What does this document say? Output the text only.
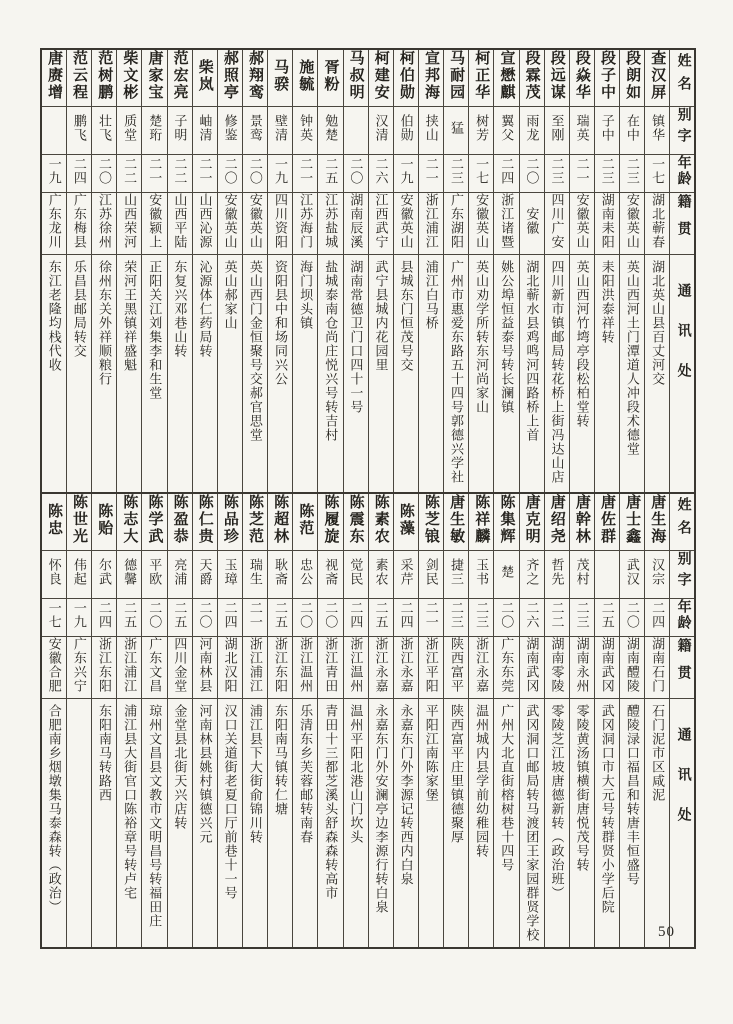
姓名	查汉屏	段朗如	段子中	段焱华	段远谋	段霖茂	宣懋麒	柯正华	马耐园	宣邦海	柯伯勋	柯建安	马叔明	胥粉	施毓	马骙	郝翔鸾	郝照亭	柴岚	范宏亮	唐家宝	柴文彬	范树鹏	范云程	唐赓增
别字	镇华	在中	子中	瑞英	至刚	雨龙	翼父	树芳	猛	挟山	伯勋	汉清		勉楚	钟英	壁清	景鸾	修鉴	岫清	子明	楚珩	质堂	壮飞	鹏飞	
年龄	一七	二三	二三	二一	二三	二〇	二四	一七	二三	二一	一九	二六	二〇	二五	二一	一九	二〇	二〇	二一	二二	二一	二二	二〇	二四	一九
籍贯	湖北蕲春	安徽英山	湖南耒阳	安徽英山	四川广安	安徽	浙江诸暨	安徽英山	广东湖阳	浙江浦江	安徽英山	江西武宁	湖南辰溪	江苏盐城	江苏海门	四川资阳	安徽英山	安徽英山	山西沁源	山西平陆	安徽颍上	山西荣河	江苏徐州	广东梅县	广东龙川
通讯处	湖北英山县百丈河交	英山西河土门潭道人冲段术德堂	耒阳洪泰祥转	英山西河竹塆亭段松柏堂转	四川新市镇邮局转花桥上街冯达山店	湖北蕲水县鸡鸣河四路桥上首	姚公埠恒益泰号转长澜镇	英山劝学所转东河尚家山	广州市惠爱东路五十四号郭德兴学社	浦江白马桥	县城东门恒茂号交	武宁县城内花园里	湖南常德卫门口四十一号	盐城泰南仓尚庄悦兴号转吉村	海门坝头镇	资阳县中和场同兴公	英山西门金恒聚号交郝官思堂	英山郝家山	沁源体仁药局转	东复兴邓巷山转	正阳关江刘集李和生堂	荣河王黑镇祥盛魁	徐州东关外祥顺粮行	乐昌县邮局转交	东江老隆均栈代收
姓名	唐生海	唐士鑫	唐佐群	唐幹林	唐绍尧	唐克明	陈集辉	陈祥麟	唐生敏	陈芝锒	陈藻	陈素农	陈震东	陈履旋	陈范	陈超林	陈芝范	陈品珍	陈仁贵	陈盈恭	陈学武	陈志大	陈贻	陈世光	陈忠
别字	汉宗	武汉		茂村	哲先	齐之	楚	玉书	捷三	剑民	采芹	素农	觉民	视斋	忠公	耿斋	瑞生	玉璋	天爵	亮浦	平欧	德馨	尔武	伟起	怀良
年龄	二四	二〇	二五	二三	二二	二六	二〇	二三	二三	二一	二四	二五	二四	二〇	二〇	二五	二一	二四	二〇	二五	二〇	二五	二四	一九	一七
籍贯	湖南石门	湖南醴陵	湖南武冈	湖南永州	湖南零陵	湖南武冈	广东东莞	浙江永嘉	陕西富平	浙江平阳	浙江永嘉	浙江永嘉	浙江温州	浙江青田	浙江温州	浙江东阳	浙江浦江	湖北汉阳	河南林县	四川金堂	广东文昌	浙江浦江	浙江东阳	广东兴宁	安徽合肥
通讯处	石门泥市区咸泥	醴陵渌口福昌和转唐丰恒盛号	武冈洞口市大元号转群贤小学后院	零陵黄汤镇横街唐悦茂号转	零陵芝江坡唐德新转（政治班）	武冈洞口邮局转马渡团王家园群贤学校	广州大北直街榕树巷十四号	温州城内县学前幼稚园转	陕西富平庄里镇德聚厚	平阳江南陈家堡	永嘉东门外李源记转西内白泉	永嘉东门外安澜亭边李源行转白泉	温州平阳北港山门坎头	青田十三都芝溪头舒森森转高市	乐清东乡芙蓉邮转南春	东阳南马镇转仁塘	浦江县下大街俞锦川转	汉口关道街老夏口厅前巷十一号	河南林县姚村镇德兴元	金堂县北街天兴店转	琼州文昌县文教市文明昌号转福田庄	浦江县大街官口陈裕章号转卢宅	东阳南马转路西		合肥南乡烟墩集马泰森转（政治）
50
